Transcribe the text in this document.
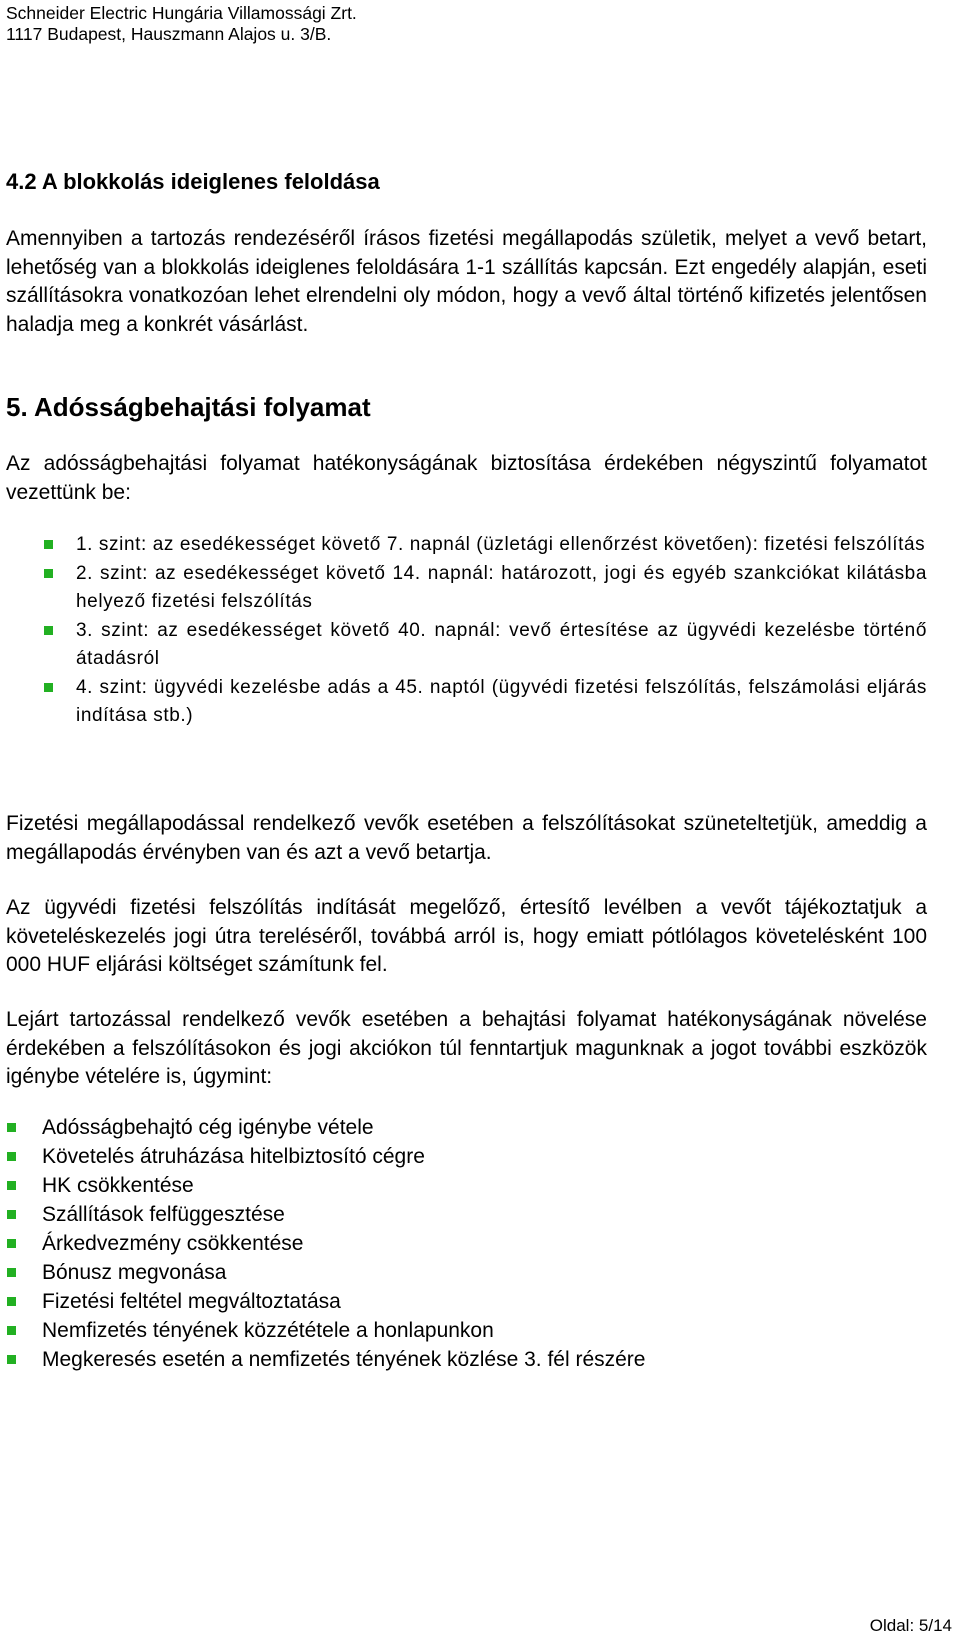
Schneider Electric Hungária Villamossági Zrt.
1117 Budapest, Hauszmann Alajos u. 3/B.
4.2 A blokkolás ideiglenes feloldása

Amennyiben a tartozás rendezéséről írásos fizetési megállapodás születik, melyet a vevő betart, lehetőség van a blokkolás ideiglenes feloldására 1-1 szállítás kapcsán. Ezt engedély alapján, eseti szállításokra vonatkozóan lehet elrendelni oly módon, hogy a vevő által történő kifizetés jelentősen haladja meg a konkrét vásárlást.

5. Adósságbehajtási folyamat

Az adósságbehajtási folyamat hatékonyságának biztosítása érdekében négyszintű folyamatot vezettünk be:

1. szint: az esedékességet követő 7. napnál (üzletági ellenőrzést követően): fizetési felszólítás
2. szint: az esedékességet követő 14. napnál: határozott, jogi és egyéb szankciókat kilátásba helyező fizetési felszólítás
3. szint: az esedékességet követő 40. napnál: vevő értesítése az ügyvédi kezelésbe történő átadásról
4. szint: ügyvédi kezelésbe adás a 45. naptól (ügyvédi fizetési felszólítás, felszámolási eljárás indítása stb.)

Fizetési megállapodással rendelkező vevők esetében a felszólításokat szüneteltetjük, ameddig a megállapodás érvényben van és azt a vevő betartja.

Az ügyvédi fizetési felszólítás indítását megelőző, értesítő levélben a vevőt tájékoztatjuk a követeléskezelés jogi útra tereléséről, továbbá arról is, hogy emiatt pótlólagos követelésként 100 000 HUF eljárási költséget számítunk fel.

Lejárt tartozással rendelkező vevők esetében a behajtási folyamat hatékonyságának növelése érdekében a felszólításokon és jogi akciókon túl fenntartjuk magunknak a jogot további eszközök igénybe vételére is, úgymint:

Adósságbehajtó cég igénybe vétele
Követelés átruházása hitelbiztosító cégre
HK csökkentése
Szállítások felfüggesztése
Árkedvezmény csökkentése
Bónusz megvonása
Fizetési feltétel megváltoztatása
Nemfizetés tényének közzététele a honlapunkon
Megkeresés esetén a nemfizetés tényének közlése 3. fél részére
Oldal: 5/14
